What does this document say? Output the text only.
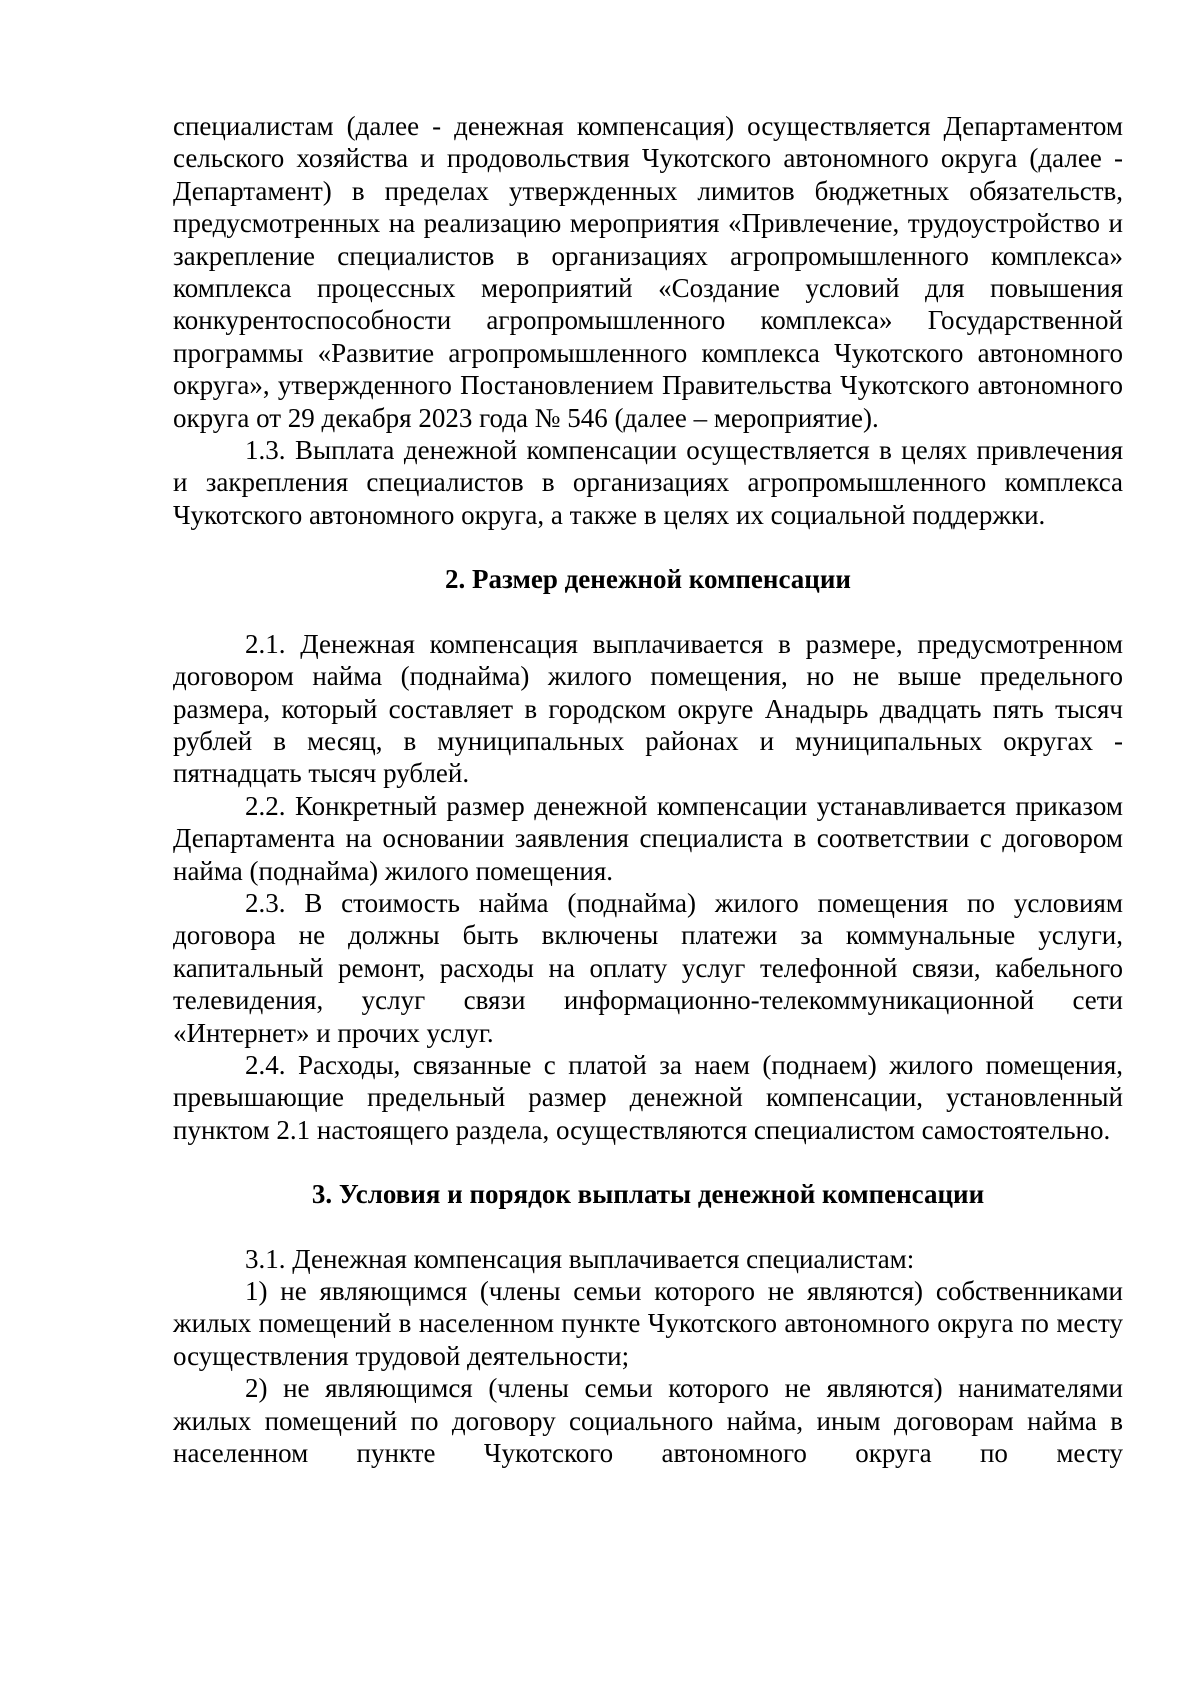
специалистам (далее - денежная компенсация) осуществляется Департаментом сельского хозяйства и продовольствия Чукотского автономного округа (далее - Департамент) в пределах утвержденных лимитов бюджетных обязательств, предусмотренных на реализацию мероприятия «Привлечение, трудоустройство и закрепление специалистов в организациях агропромышленного комплекса» комплекса процессных мероприятий «Создание условий для повышения конкурентоспособности агропромышленного комплекса» Государственной программы «Развитие агропромышленного комплекса Чукотского автономного округа», утвержденного Постановлением Правительства Чукотского автономного округа от 29 декабря 2023 года № 546 (далее – мероприятие).

1.3. Выплата денежной компенсации осуществляется в целях привлечения и закрепления специалистов в организациях агропромышленного комплекса Чукотского автономного округа, а также в целях их социальной поддержки.

2. Размер денежной компенсации

2.1. Денежная компенсация выплачивается в размере, предусмотренном договором найма (поднайма) жилого помещения, но не выше предельного размера, который составляет в городском округе Анадырь двадцать пять тысяч рублей в месяц, в муниципальных районах и муниципальных округах - пятнадцать тысяч рублей.

2.2. Конкретный размер денежной компенсации устанавливается приказом Департамента на основании заявления специалиста в соответствии с договором найма (поднайма) жилого помещения.

2.3. В стоимость найма (поднайма) жилого помещения по условиям договора не должны быть включены платежи за коммунальные услуги, капитальный ремонт, расходы на оплату услуг телефонной связи, кабельного телевидения, услуг связи информационно-телекоммуникационной сети «Интернет» и прочих услуг.

2.4. Расходы, связанные с платой за наем (поднаем) жилого помещения, превышающие предельный размер денежной компенсации, установленный пунктом 2.1 настоящего раздела, осуществляются специалистом самостоятельно.

3. Условия и порядок выплаты денежной компенсации

3.1. Денежная компенсация выплачивается специалистам:

1) не являющимся (члены семьи которого не являются) собственниками жилых помещений в населенном пункте Чукотского автономного округа по месту осуществления трудовой деятельности;

2) не являющимся (члены семьи которого не являются) нанимателями жилых помещений по договору социального найма, иным договорам найма в населенном пункте Чукотского автономного округа по месту
